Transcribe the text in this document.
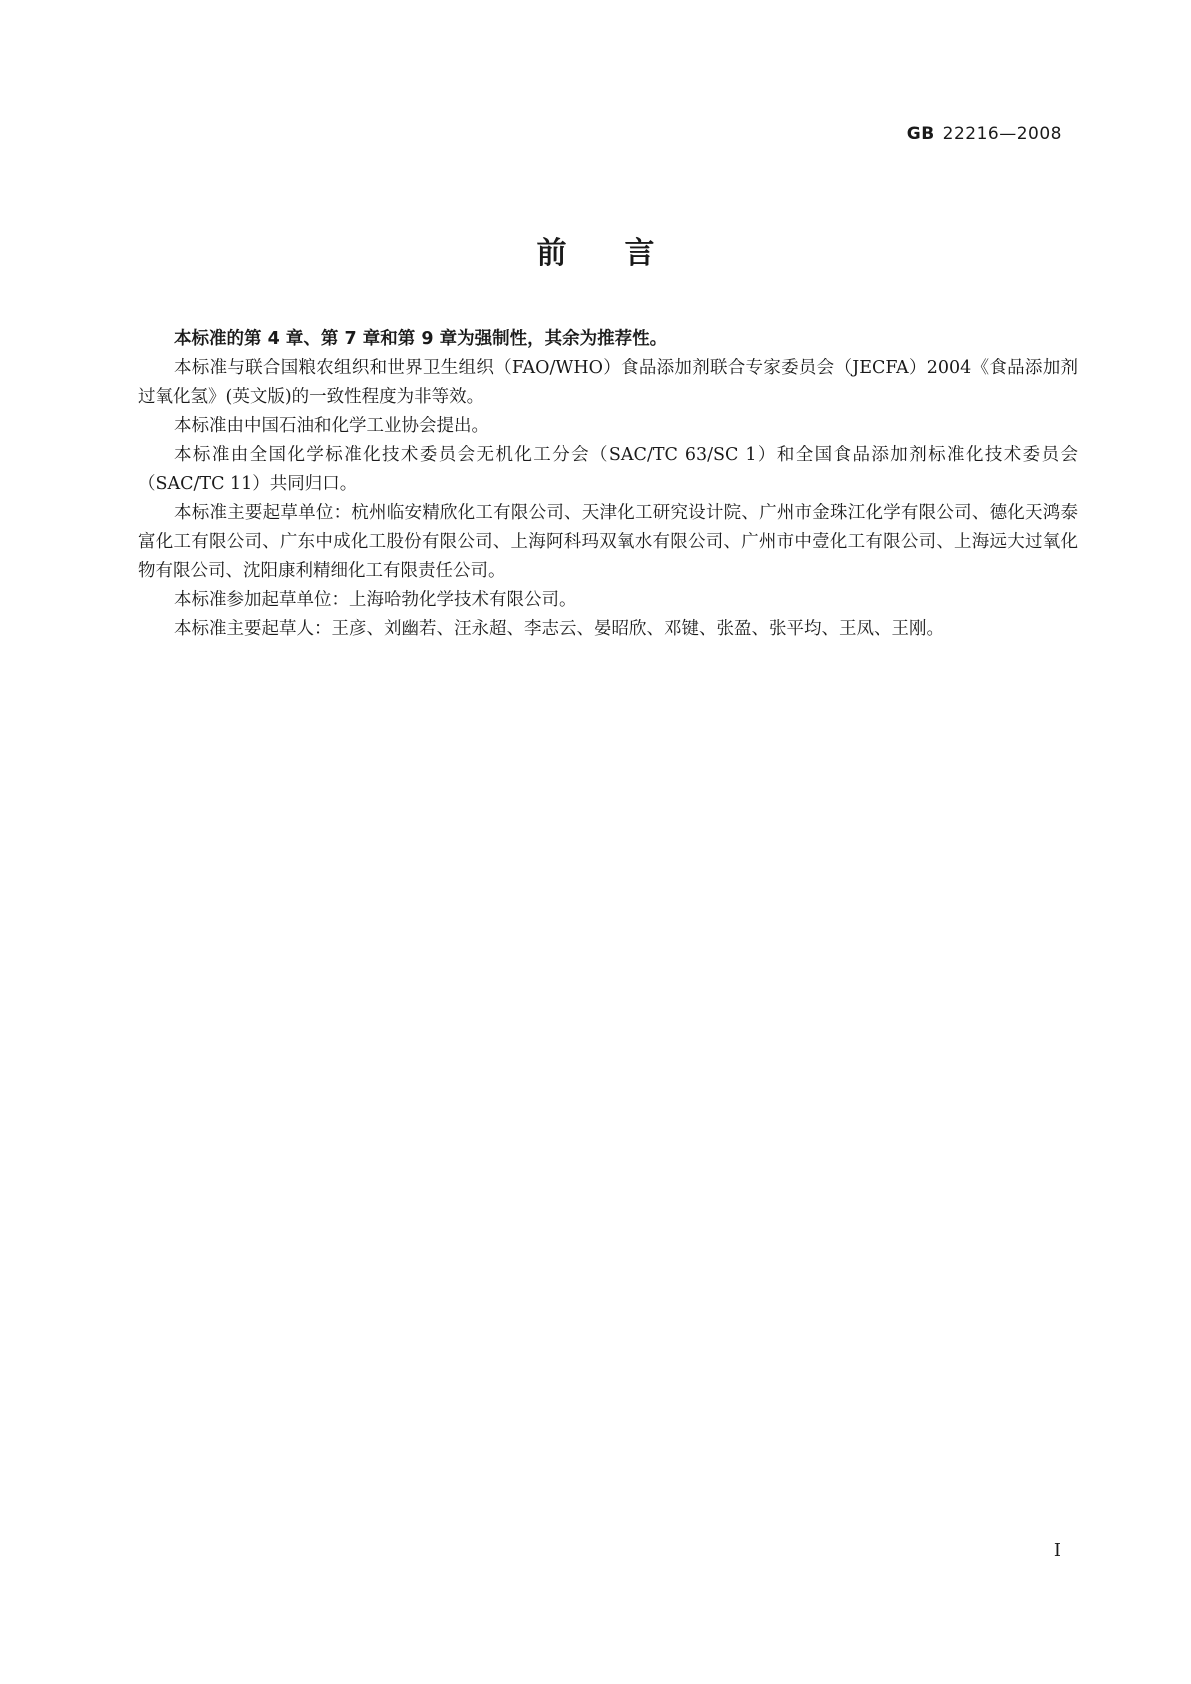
GB 22216—2008
前言

本标准的第 4 章、第 7 章和第 9 章为强制性，其余为推荐性。

本标准与联合国粮农组织和世界卫生组织（FAO/WHO）食品添加剂联合专家委员会（JECFA）2004《食品添加剂　过氧化氢》(英文版)的一致性程度为非等效。

本标准由中国石油和化学工业协会提出。

本标准由全国化学标准化技术委员会无机化工分会（SAC/TC 63/SC 1）和全国食品添加剂标准化技术委员会（SAC/TC 11）共同归口。

本标准主要起草单位：杭州临安精欣化工有限公司、天津化工研究设计院、广州市金珠江化学有限公司、德化天鸿泰富化工有限公司、广东中成化工股份有限公司、上海阿科玛双氧水有限公司、广州市中壹化工有限公司、上海远大过氧化物有限公司、沈阳康利精细化工有限责任公司。

本标准参加起草单位：上海哈勃化学技术有限公司。

本标准主要起草人：王彦、刘幽若、汪永超、李志云、晏昭欣、邓键、张盈、张平均、王凤、王刚。

I
